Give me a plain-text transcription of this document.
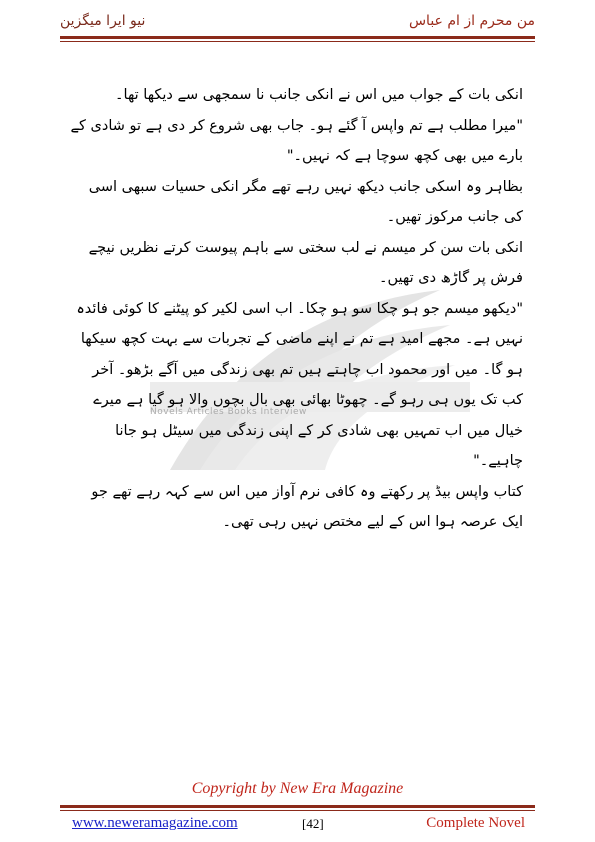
نیو ایرا میگزین	من محرم از ام عباس
Novels Articles Books Interview

انکی بات کے جواب میں اس نے انکی جانب نا سمجھی سے دیکھا تھا۔

"میرا مطلب ہے تم واپس آ گئے ہو۔ جاب بھی شروع کر دی ہے تو شادی کے بارے میں بھی کچھ سوچا ہے کہ نہیں۔"

بظاہر وہ اسکی جانب دیکھ نہیں رہے تھے مگر انکی حسیات سبھی اسی کی جانب مرکوز تھیں۔

انکی بات سن کر میسم نے لب سختی سے باہم پیوست کرتے نظریں نیچے فرش پر گاڑھ دی تھیں۔

"دیکھو میسم جو ہو چکا سو ہو چکا۔ اب اسی لکیر کو پیٹنے کا کوئی فائدہ نہیں ہے۔ مجھے امید ہے تم نے اپنے ماضی کے تجربات سے بہت کچھ سیکھا ہو گا۔ میں اور محمود اب چاہتے ہیں تم بھی زندگی میں آگے بڑھو۔ آخر کب تک یوں ہی رہو گے۔ چھوٹا بھائی بھی بال بچوں والا ہو گیا ہے میرے خیال میں اب تمہیں بھی شادی کر کے اپنی زندگی میں سیٹل ہو جانا چاہیے۔"

کتاب واپس بیڈ پر رکھتے وہ کافی نرم آواز میں اس سے کہہ رہے تھے جو ایک عرصہ ہوا اس کے لیے مختص نہیں رہی تھی۔

Copyright by New Era Magazine
www.neweramagazine.com	[42]	Complete Novel
